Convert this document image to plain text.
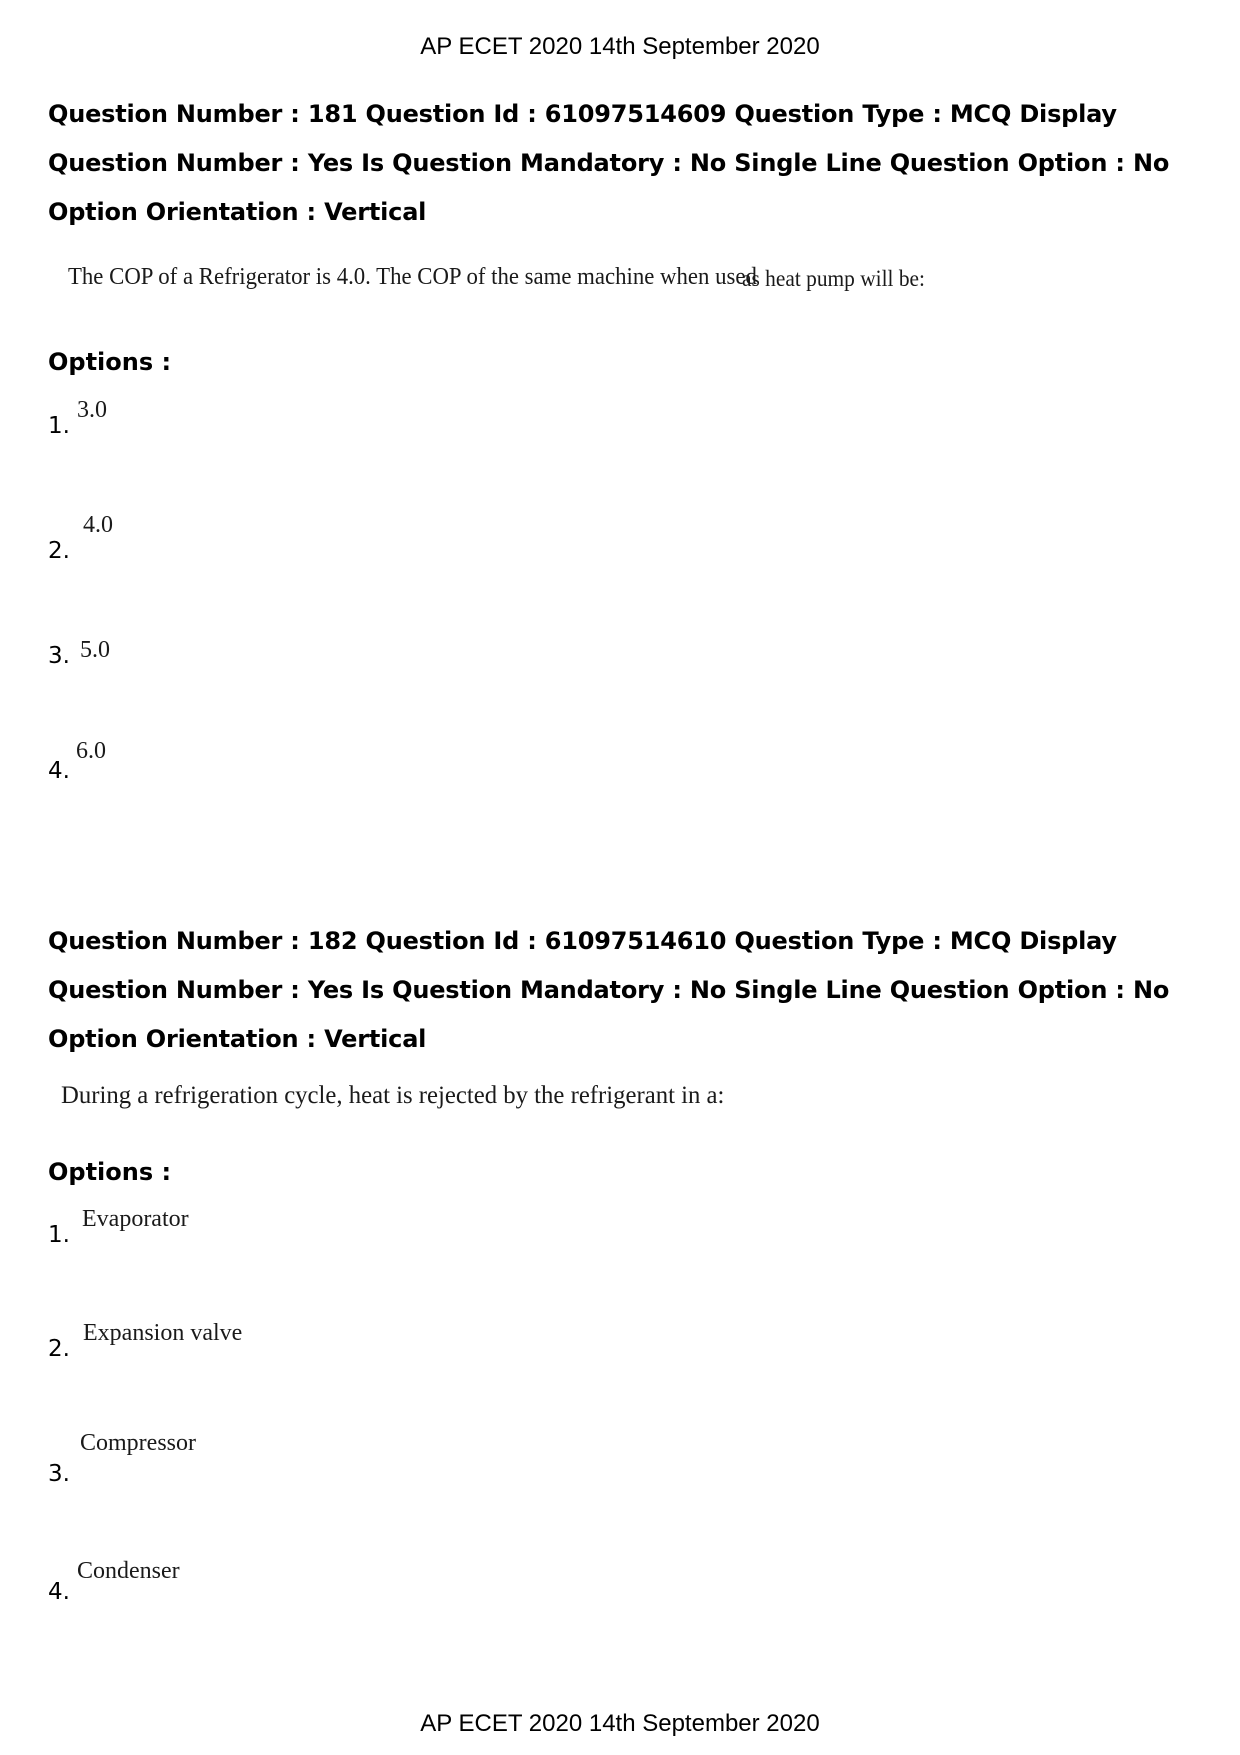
AP ECET 2020 14th September 2020
Question Number : 181 Question Id : 61097514609 Question Type : MCQ Display Question Number : Yes Is Question Mandatory : No Single Line Question Option : No Option Orientation : Vertical
The COP of a Refrigerator is 4.0. The COP of the same machine when used
as heat pump will be:
Options :
1.
3.0
2.
4.0
3. 5.0
4.
6.0
Question Number : 182 Question Id : 61097514610 Question Type : MCQ Display Question Number : Yes Is Question Mandatory : No Single Line Question Option : No Option Orientation : Vertical
During a refrigeration cycle, heat is rejected by the refrigerant in a:
Options :
1.
Evaporator
2.
Expansion valve
3.
Compressor
4.
Condenser
AP ECET 2020 14th September 2020
